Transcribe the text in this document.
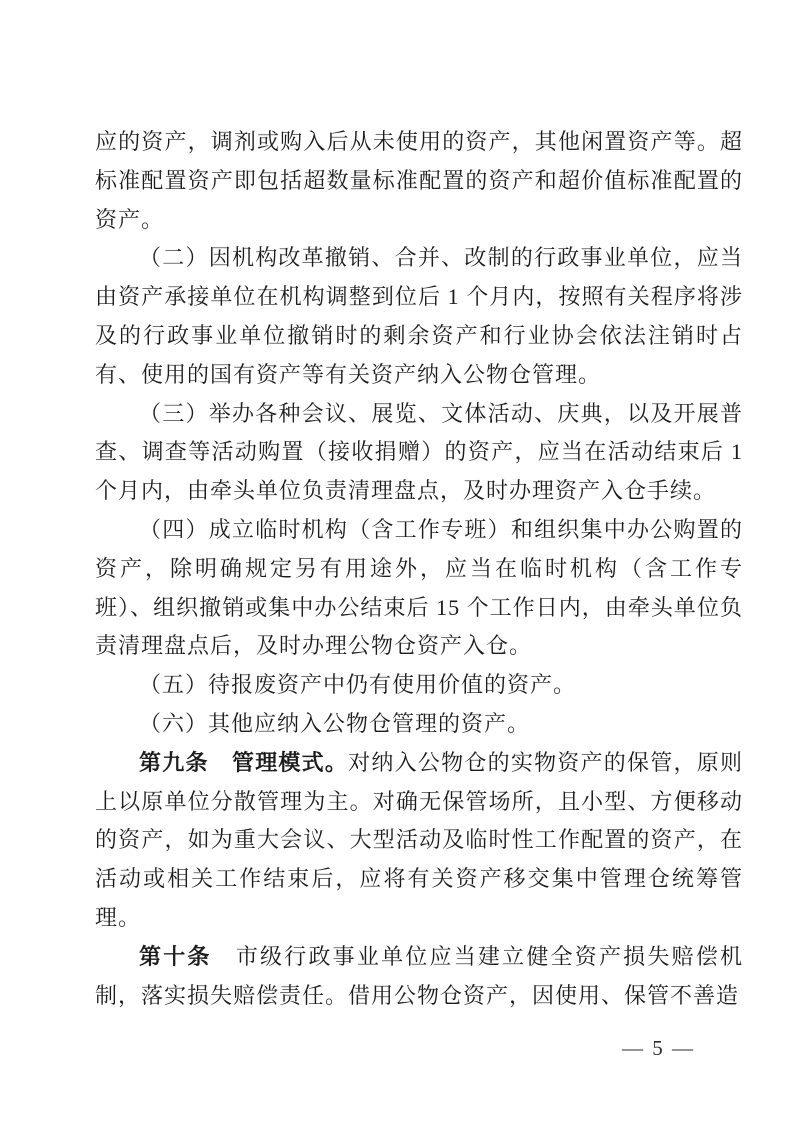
应的资产，调剂或购入后从未使用的资产，其他闲置资产等。超标准配置资产即包括超数量标准配置的资产和超价值标准配置的资产。

（二）因机构改革撤销、合并、改制的行政事业单位，应当由资产承接单位在机构调整到位后 1 个月内，按照有关程序将涉及的行政事业单位撤销时的剩余资产和行业协会依法注销时占有、使用的国有资产等有关资产纳入公物仓管理。

（三）举办各种会议、展览、文体活动、庆典，以及开展普查、调查等活动购置（接收捐赠）的资产，应当在活动结束后 1 个月内，由牵头单位负责清理盘点，及时办理资产入仓手续。

（四）成立临时机构（含工作专班）和组织集中办公购置的资产，除明确规定另有用途外，应当在临时机构（含工作专班）、组织撤销或集中办公结束后 15 个工作日内，由牵头单位负责清理盘点后，及时办理公物仓资产入仓。

（五）待报废资产中仍有使用价值的资产。

（六）其他应纳入公物仓管理的资产。

第九条　管理模式。对纳入公物仓的实物资产的保管，原则上以原单位分散管理为主。对确无保管场所，且小型、方便移动的资产，如为重大会议、大型活动及临时性工作配置的资产，在活动或相关工作结束后，应将有关资产移交集中管理仓统筹管理。

第十条　市级行政事业单位应当建立健全资产损失赔偿机制，落实损失赔偿责任。借用公物仓资产，因使用、保管不善造

— 5 —
